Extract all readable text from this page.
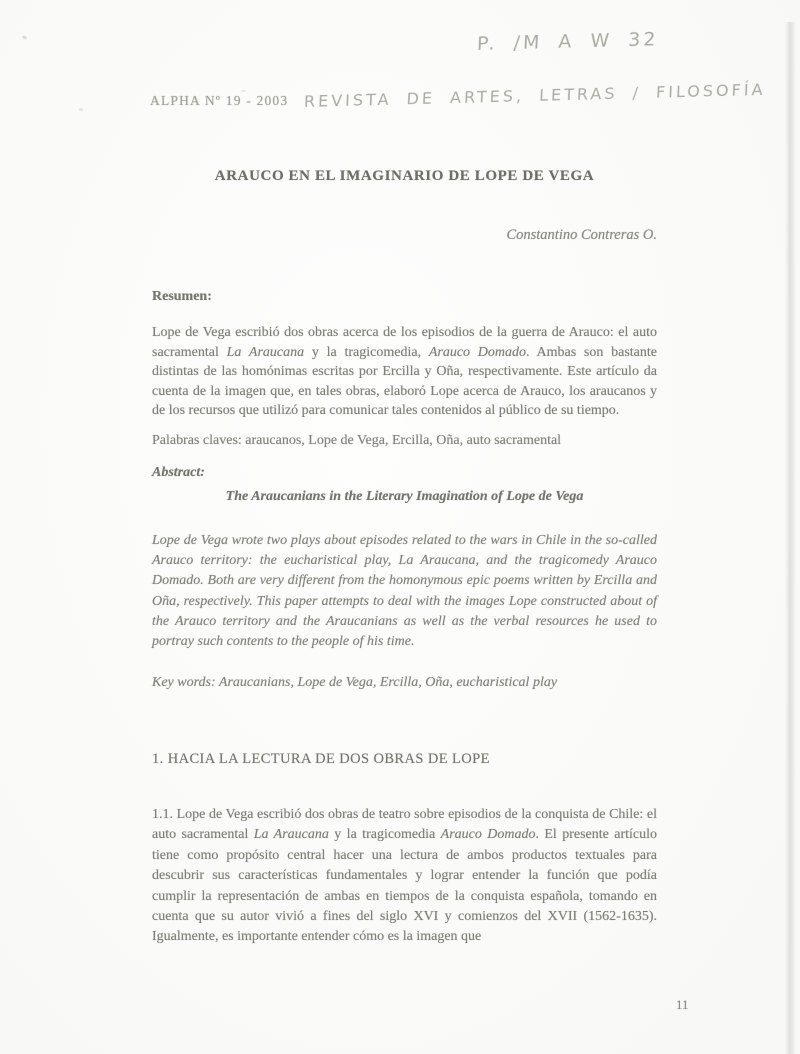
P. /M A W 32
ALPHA Nº 19 - 2003 REVISTA DE ARTES, LETRAS / FILOSOFÍA
ARAUCO EN EL IMAGINARIO DE LOPE DE VEGA
Constantino Contreras O.
Resumen:

Lope de Vega escribió dos obras acerca de los episodios de la guerra de Arauco: el auto sacramental La Araucana y la tragicomedia, Arauco Domado. Ambas son bastante distintas de las homónimas escritas por Ercilla y Oña, respectivamente. Este artículo da cuenta de la imagen que, en tales obras, elaboró Lope acerca de Arauco, los araucanos y de los recursos que utilizó para comunicar tales contenidos al público de su tiempo.

Palabras claves: araucanos, Lope de Vega, Ercilla, Oña, auto sacramental
Abstract:
The Araucanians in the Literary Imagination of Lope de Vega

Lope de Vega wrote two plays about episodes related to the wars in Chile in the so-called Arauco territory: the eucharistical play, La Araucana, and the tragicomedy Arauco Domado. Both are very different from the homonymous epic poems written by Ercilla and Oña, respectively. This paper attempts to deal with the images Lope constructed about of the Arauco territory and the Araucanians as well as the verbal resources he used to portray such contents to the people of his time.

Key words: Araucanians, Lope de Vega, Ercilla, Oña, eucharistical play
1. HACIA LA LECTURA DE DOS OBRAS DE LOPE

1.1. Lope de Vega escribió dos obras de teatro sobre episodios de la conquista de Chile: el auto sacramental La Araucana y la tragicomedia Arauco Domado. El presente artículo tiene como propósito central hacer una lectura de ambos productos textuales para descubrir sus características fundamentales y lograr entender la función que podía cumplir la representación de ambas en tiempos de la conquista española, tomando en cuenta que su autor vivió a fines del siglo XVI y comienzos del XVII (1562-1635). Igualmente, es importante entender cómo es la imagen que

11
